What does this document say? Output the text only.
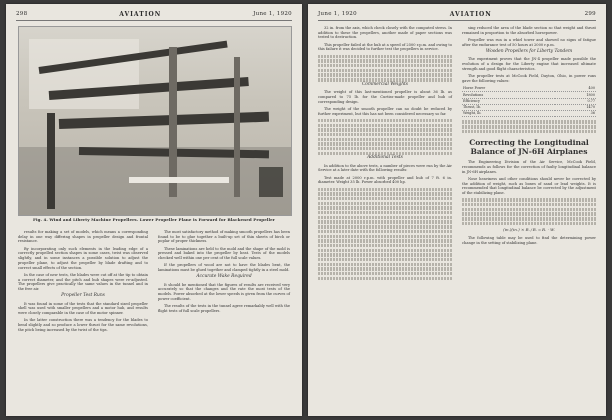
298	AVIATION	June 1, 1920
Fig. 4. Wind and Liberty Machine Propellers. Lower Propeller Plane is Forward for Blackened Propeller

results for making a set of models, which means a corresponding delay in one way differing shapes in propeller design and frontal resistance.

By incorporating only such elements in the leading edge of a correctly propelled section shapes in some cases, twist was observed slightly, and in some instances a possible solution to adjust the propeller plane, to adjust the propeller by blade drafting and to correct small effects of the section.

In the case of new tests, the blades were cut off at the tip to obtain a correct diameter, and the pitch and hub shapes were re-adjusted. The propellers give practically the same values in the tunnel and in the free air.

Propeller Test Runs

It was found in some of the tests that the standard sized propeller shell was used with smaller propellers and a motor hub, and results were closely comparable in the case of the motor spinner.

In the latter construction there was a tendency for the blades to bend slightly and so produce a lower thrust for the same revolutions, the pitch being increased by the twist of the tips.

The most satisfactory method of making smooth propellers has been found to be to glue together a built-up set of thin sheets of birch or poplar of proper thickness.

These laminations are held to the mold and the shape of the mold is pressed and baked into the propeller by heat. Tests of the models checked well within one per cent of the full scale values.

If the propellers of wood are not to have the blades bent, the laminations must be glued together and clamped tightly in a steel mold.

Accurate Wake Required

It should be mentioned that the figures of results are received very accurately so that the changes and the rate the most tests of the models. Power absorbed at the lower speeds is given from the curves of power coefficient.

The results of the tests in the tunnel agree remarkably well with the flight tests of full scale propellers.

June 1, 1920	AVIATION	299

32 in. from the axis, which check closely with the computed stress. In addition to these the propellers, another made of paper sections was tested to destruction.

This propeller failed at the hub at a speed of 2500 r.p.m. and owing to this failure it was decided to further test the propellers in service.

Commercial Weights

The weight of this last-mentioned propeller is about 36 lb. as compared to 75 lb. for the Curtiss-made propeller and hub of corresponding design.

The weight of the smooth propeller can no doubt be reduced by further experiment, but this has not been considered necessary so far.

Additional Tests

In addition to the above tests, a number of pieces were run by the Air Service at a later date with the following results:

Test made at 2000 r.p.m. with propeller and hub of 7 ft. 6 in. diameter. Weight 35 lb. Power absorbed 400 hp.

sing reduced the area of the blade section so that weight and thrust remained in proportion to the absorbed horsepower.

Propeller was run in a whirl tower and showed no signs of fatigue after the endurance test of 50 hours at 2000 r.p.m.

Wooden Propellers for Liberty Tandem

The experiment proves that the JN-4 propeller made possible the evolution of a design for the Liberty engine that increased ultimate strength and good flight characteristics.

The propeller tests at McCook Field, Dayton, Ohio, in power runs gave the following values:

Horse Power	400
Revolutions	1800
Efficiency	0.77
Thrust, lb.	1470
Weight, lb.	36
Correcting the Longitudinal Balance of JN-6H Airplanes

The Engineering Division of the Air Service, McCook Field, recommends as follows for the correction of faulty longitudinal balance in JN-6H airplanes.

Nose heaviness and other conditions should never be corrected by the addition of weight, such as boxes of sand or lead weights. It is recommended that longitudinal balance be corrected by the adjustment of the stabilizing plane.

(in.)(in.) × R. / R. = R. · W.

The following table may be used to find the determining power change in the setting of stabilizing plane.
